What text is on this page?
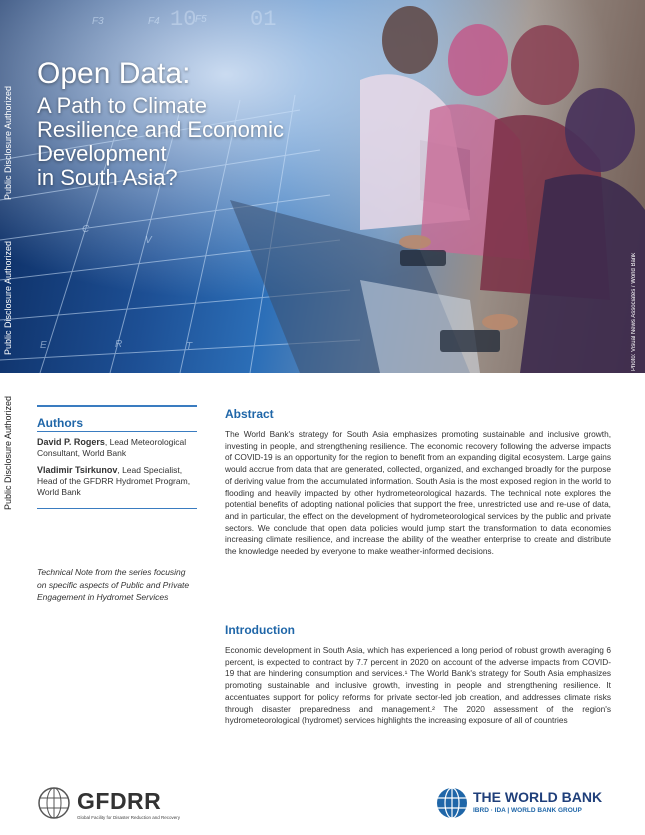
F3	F4	F5
C
V
E	R	T
10 01
Open Data:
A Path to Climate
Resilience and Economic
Development
in South Asia?
Photo: Visual News Associates / World Bank
Public Disclosure Authorized
Public Disclosure Authorized
Public Disclosure Authorized Authors
David P. Rogers, Lead Meteorological Consultant, World Bank
Vladimir Tsirkunov, Lead Specialist, Head of the GFDRR Hydromet Program, World Bank
Technical Note from the series focusing on specific aspects of Public and Private Engagement in Hydromet Services
Abstract
The World Bank's strategy for South Asia emphasizes promoting sustainable and inclusive growth, investing in people, and strengthening resilience. The economic recovery following the adverse impacts of COVID-19 is an opportunity for the region to benefit from an expanding digital ecosystem. Large gains would accrue from data that are generated, collected, organized, and exchanged broadly for the purpose of deriving value from the accumulated information. South Asia is the most exposed region in the world to flooding and heavily impacted by other hydrometeorological hazards. The technical note explores the potential benefits of adopting national policies that support the free, unrestricted use and re-use of data, and in particular, the effect on the development of hydrometeorological services by the public and private sectors. We conclude that open data policies would jump start the transformation to data economies increasing climate resilience, and increase the ability of the weather enterprise to create and distribute the knowledge needed by everyone to make weather-informed decisions.
Introduction
Economic development in South Asia, which has experienced a long period of robust growth averaging 6 percent, is expected to contract by 7.7 percent in 2020 on account of the adverse impacts from COVID-19 that are hindering consumption and services.¹ The World Bank's strategy for South Asia emphasizes promoting sustainable and inclusive growth, investing in people and strengthening resilience. It accentuates support for policy reforms for private sector-led job creation, and addresses climate risks through disaster preparedness and management.² The 2020 assessment of the region's hydrometeorological (hydromet) services highlights the increasing exposure of all of countries
GFDRR
Global Facility for Disaster Reduction and Recovery
THE WORLD BANK
IBRD · IDA | WORLD BANK GROUP
